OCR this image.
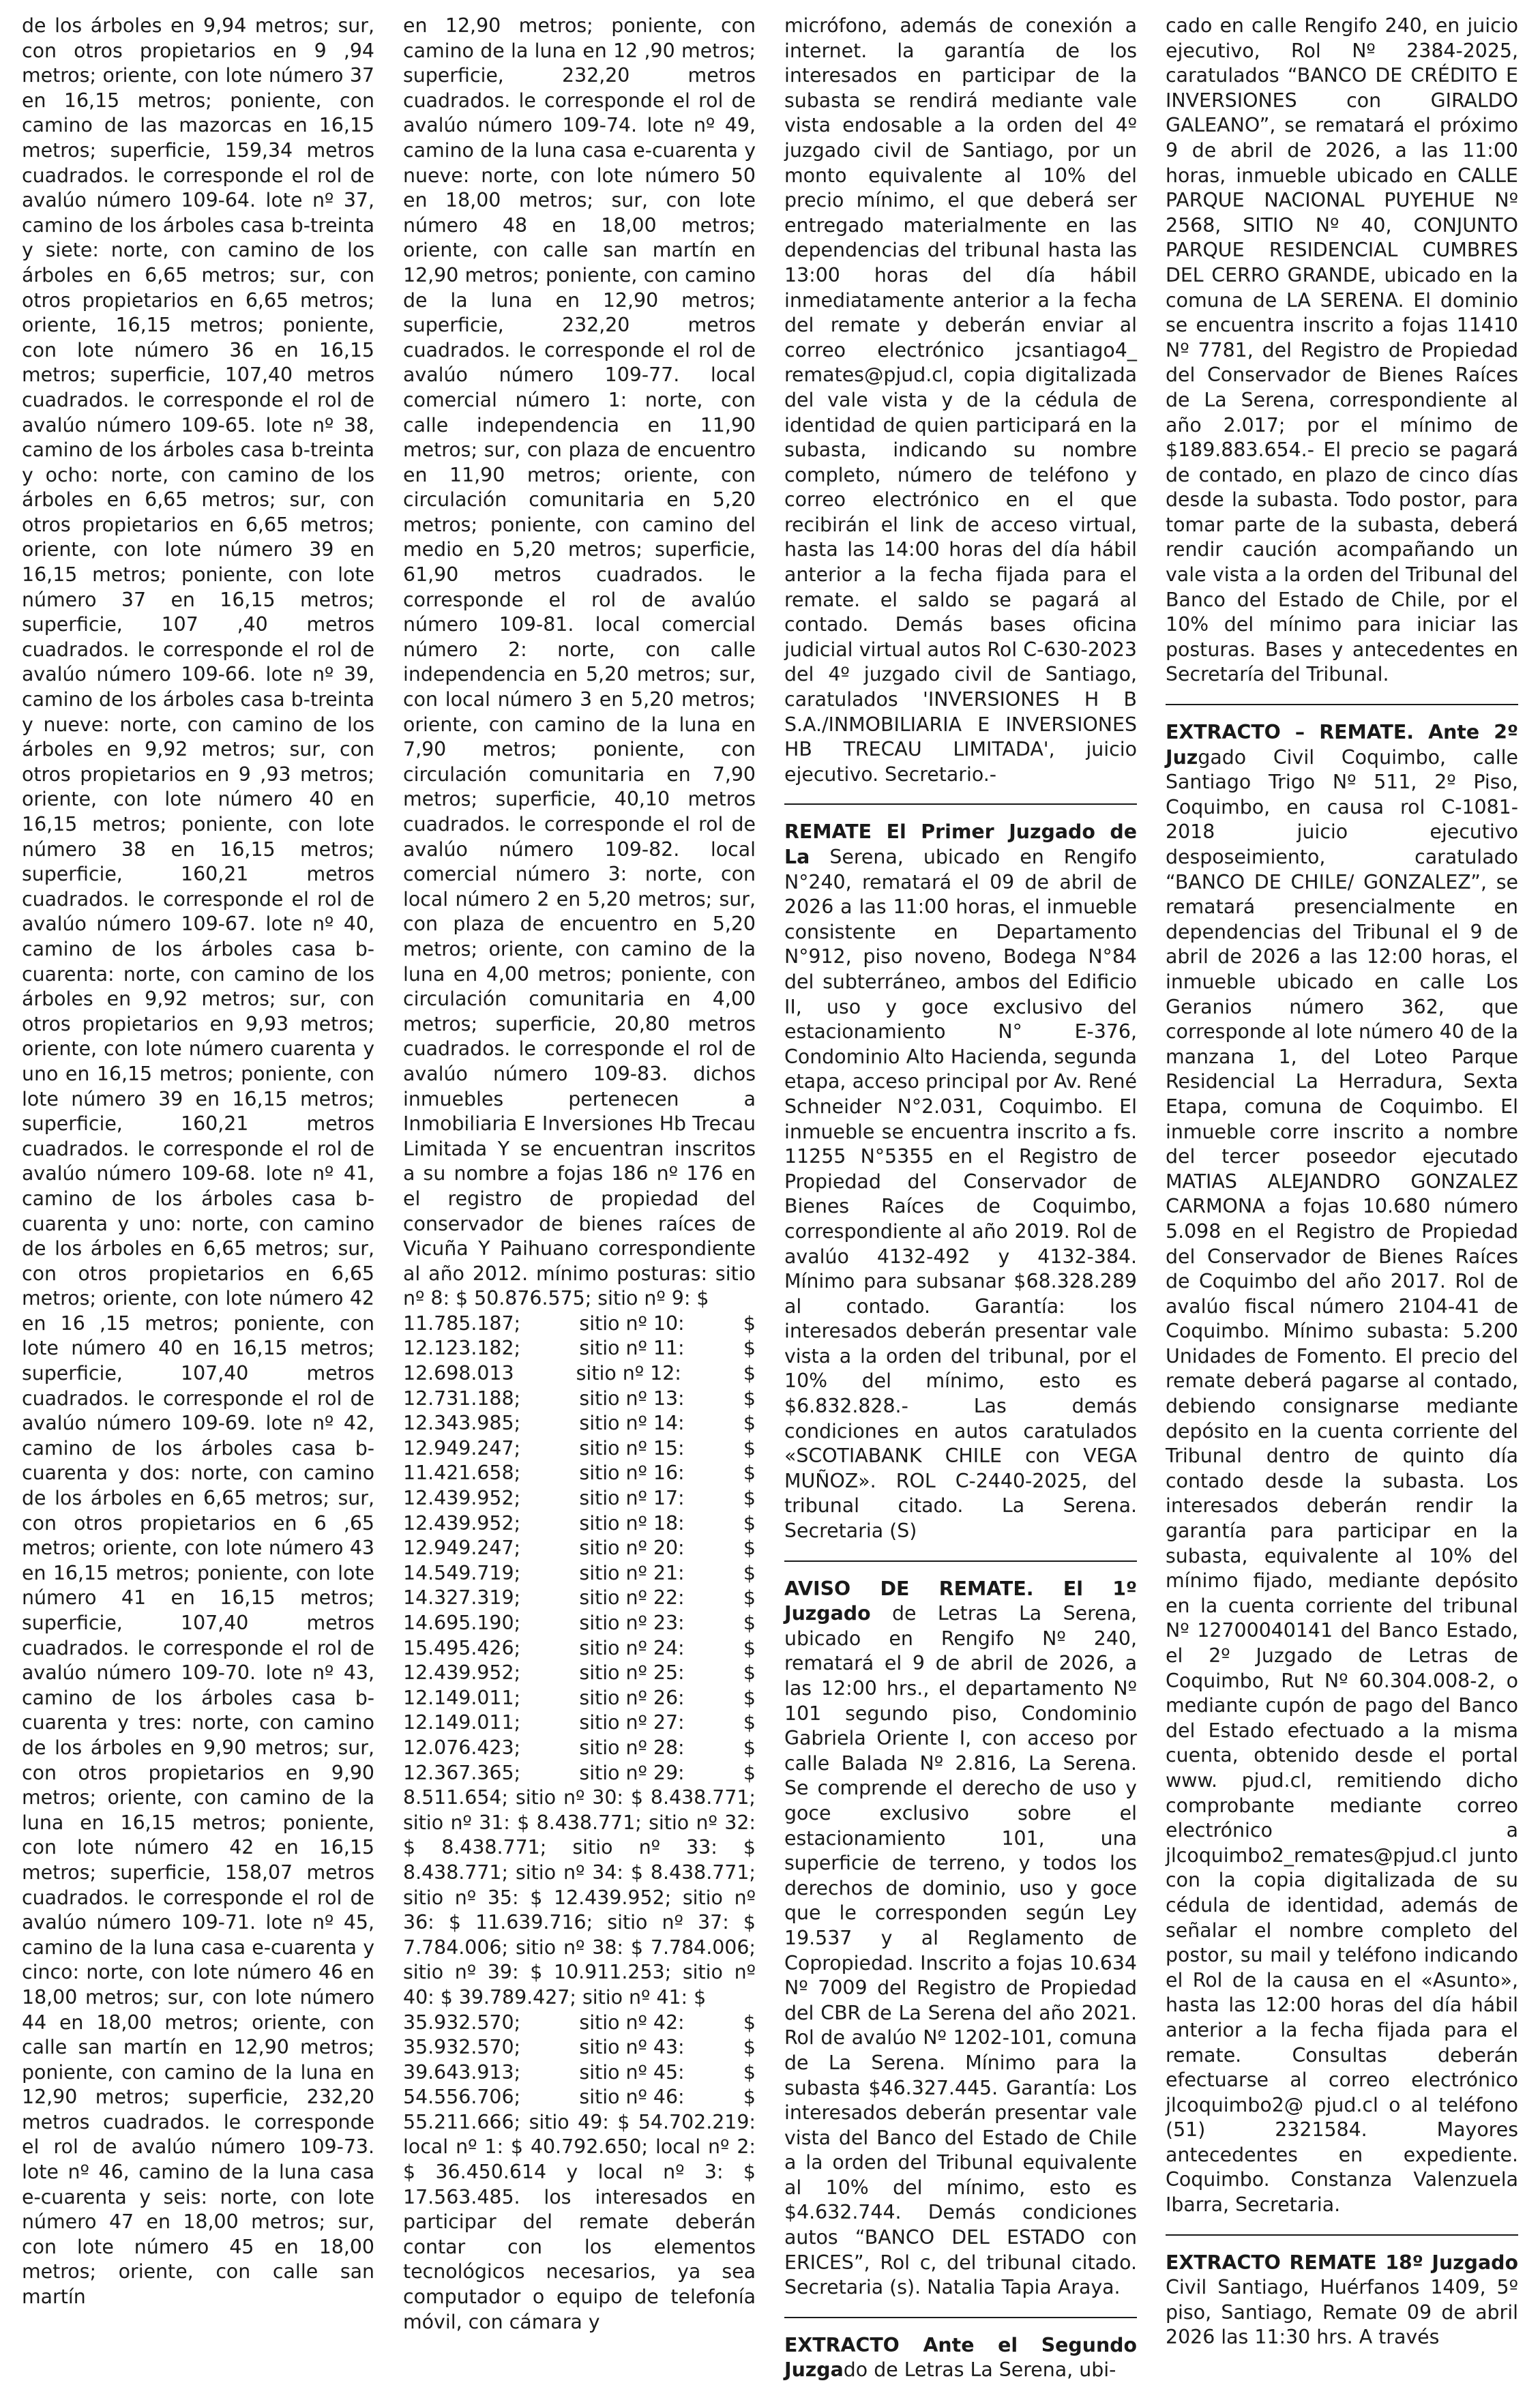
de los árboles en 9,94 metros; sur, con otros propietarios en 9 ,94 metros; oriente, con lote número 37 en 16,15 metros; poniente, con camino de las mazorcas en 16,15 metros; superficie, 159,34 metros cuadrados. le corresponde el rol de avalúo número 109-64. lote nº 37, camino de los árboles casa b-treinta y siete: norte, con camino de los árboles en 6,65 metros; sur, con otros propietarios en 6,65 metros; oriente, 16,15 metros; poniente, con lote número 36 en 16,15 metros; superficie, 107,40 metros cuadrados. le corresponde el rol de avalúo número 109-65. lote nº 38, camino de los árboles casa b-treinta y ocho: norte, con camino de los árboles en 6,65 metros; sur, con otros propietarios en 6,65 metros; oriente, con lote número 39 en 16,15 metros; poniente, con lote número 37 en 16,15 metros; superficie, 107 ,40 metros cuadrados. le corresponde el rol de avalúo número 109-66. lote nº 39, camino de los árboles casa b-treinta y nueve: norte, con camino de los árboles en 9,92 metros; sur, con otros propietarios en 9 ,93 metros; oriente, con lote número 40 en 16,15 metros; poniente, con lote número 38 en 16,15 metros; superficie, 160,21 metros cuadrados. le corresponde el rol de avalúo número 109-67. lote nº 40, camino de los árboles casa b-cuarenta: norte, con camino de los árboles en 9,92 metros; sur, con otros propietarios en 9,93 metros; oriente, con lote número cuarenta y uno en 16,15 metros; poniente, con lote número 39 en 16,15 metros; superficie, 160,21 metros cuadrados. le corresponde el rol de avalúo número 109-68. lote nº 41, camino de los árboles casa b-cuarenta y uno: norte, con camino de los árboles en 6,65 metros; sur, con otros propietarios en 6,65 metros; oriente, con lote número 42 en 16 ,15 metros; poniente, con lote número 40 en 16,15 metros; superficie, 107,40 metros cuadrados. le corresponde el rol de avalúo número 109-69. lote nº 42, camino de los árboles casa b-cuarenta y dos: norte, con camino de los árboles en 6,65 metros; sur, con otros propietarios en 6 ,65 metros; oriente, con lote número 43 en 16,15 metros; poniente, con lote número 41 en 16,15 metros; superficie, 107,40 metros cuadrados. le corresponde el rol de avalúo número 109-70. lote nº 43, camino de los árboles casa b-cuarenta y tres: norte, con camino de los árboles en 9,90 metros; sur, con otros propietarios en 9,90 metros; oriente, con camino de la luna en 16,15 metros; poniente, con lote número 42 en 16,15 metros; superficie, 158,07 metros cuadrados. le corresponde el rol de avalúo número 109-71. lote nº 45, camino de la luna casa e-cuarenta y cinco: norte, con lote número 46 en 18,00 metros; sur, con lote número 44 en 18,00 metros; oriente, con calle san martín en 12,90 metros; poniente, con camino de la luna en 12,90 metros; superficie, 232,20 metros cuadrados. le corresponde el rol de avalúo número 109-73. lote nº 46, camino de la luna casa e-cuarenta y seis: norte, con lote número 47 en 18,00 metros; sur, con lote número 45 en 18,00 metros; oriente, con calle san martín

en 12,90 metros; poniente, con camino de la luna en 12 ,90 metros; superficie, 232,20 metros cuadrados. le corresponde el rol de avalúo número 109-74. lote nº 49, camino de la luna casa e-cuarenta y nueve: norte, con lote número 50 en 18,00 metros; sur, con lote número 48 en 18,00 metros; oriente, con calle san martín en 12,90 metros; poniente, con camino de la luna en 12,90 metros; superficie, 232,20 metros cuadrados. le corresponde el rol de avalúo número 109-77. local comercial número 1: norte, con calle independencia en 11,90 metros; sur, con plaza de encuentro en 11,90 metros; oriente, con circulación comunitaria en 5,20 metros; poniente, con camino del medio en 5,20 metros; superficie, 61,90 metros cuadrados. le corresponde el rol de avalúo número 109-81. local comercial número 2: norte, con calle independencia en 5,20 metros; sur, con local número 3 en 5,20 metros; oriente, con camino de la luna en 7,90 metros; poniente, con circulación comunitaria en 7,90 metros; superficie, 40,10 metros cuadrados. le corresponde el rol de avalúo número 109-82. local comercial número 3: norte, con local número 2 en 5,20 metros; sur, con plaza de encuentro en 5,20 metros; oriente, con camino de la luna en 4,00 metros; poniente, con circulación comunitaria en 4,00 metros; superficie, 20,80 metros cuadrados. le corresponde el rol de avalúo número 109-83. dichos inmuebles pertenecen a Inmobiliaria E Inversiones Hb Trecau Limitada Y se encuentran inscritos a su nombre a fojas 186 nº 176 en el registro de propiedad del conservador de bienes raíces de Vicuña Y Paihuano correspondiente al año 2012. mínimo posturas: sitio nº 8: $ 50.876.575; sitio nº 9: $

11.785.187;	sitio nº 10:	$
12.123.182;	sitio nº 11:	$
12.698.013	sitio nº 12:	$
12.731.188;	sitio nº 13:	$
12.343.985;	sitio nº 14:	$
12.949.247;	sitio nº 15:	$
11.421.658;	sitio nº 16:	$
12.439.952;	sitio nº 17:	$
12.439.952;	sitio nº 18:	$
12.949.247;	sitio nº 20:	$
14.549.719;	sitio nº 21:	$
14.327.319;	sitio nº 22:	$
14.695.190;	sitio nº 23:	$
15.495.426;	sitio nº 24:	$
12.439.952;	sitio nº 25:	$
12.149.011;	sitio nº 26:	$
12.149.011;	sitio nº 27:	$
12.076.423;	sitio nº 28:	$
12.367.365;	sitio nº 29:	$

8.511.654; sitio nº 30: $ 8.438.771; sitio nº 31: $ 8.438.771; sitio nº 32: $ 8.438.771; sitio nº 33: $ 8.438.771; sitio nº 34: $ 8.438.771; sitio nº 35: $ 12.439.952; sitio nº 36: $ 11.639.716; sitio nº 37: $ 7.784.006; sitio nº 38: $ 7.784.006; sitio nº 39: $ 10.911.253; sitio nº 40: $ 39.789.427; sitio nº 41: $

35.932.570;	sitio nº 42:	$
35.932.570;	sitio nº 43:	$
39.643.913;	sitio nº 45:	$
54.556.706;	sitio nº 46:	$

55.211.666; sitio 49: $ 54.702.219: local nº 1: $ 40.792.650; local nº 2: $ 36.450.614 y local nº 3: $ 17.563.485. los interesados en participar del remate deberán contar con los elementos tecnológicos necesarios, ya sea computador o equipo de telefonía móvil, con cámara y

micrófono, además de conexión a internet. la garantía de los interesados en participar de la subasta se rendirá mediante vale vista endosable a la orden del 4º juzgado civil de Santiago, por un monto equivalente al 10% del precio mínimo, el que deberá ser entregado materialmente en las dependencias del tribunal hasta las 13:00 horas del día hábil inmediatamente anterior a la fecha del remate y deberán enviar al correo electrónico jcsantiago4_ remates@pjud.cl, copia digitalizada del vale vista y de la cédula de identidad de quien participará en la subasta, indicando su nombre completo, número de teléfono y correo electrónico en el que recibirán el link de acceso virtual, hasta las 14:00 horas del día hábil anterior a la fecha fijada para el remate. el saldo se pagará al contado. Demás bases oficina judicial virtual autos Rol C-630-2023 del 4º juzgado civil de Santiago, caratulados 'INVERSIONES H B S.A./INMOBILIARIA E INVERSIONES HB TRECAU LIMITADA', juicio ejecutivo. Secretario.-

REMATE El Primer Juzgado de La Serena, ubicado en Rengifo N°240, rematará el 09 de abril de 2026 a las 11:00 horas, el inmueble consistente en Departamento N°912, piso noveno, Bodega N°84 del subterráneo, ambos del Edificio II, uso y goce exclusivo del estacionamiento N° E-376, Condominio Alto Hacienda, segunda etapa, acceso principal por Av. René Schneider N°2.031, Coquimbo. El inmueble se encuentra inscrito a fs. 11255 N°5355 en el Registro de Propiedad del Conservador de Bienes Raíces de Coquimbo, correspondiente al año 2019. Rol de avalúo 4132-492 y 4132-384. Mínimo para subsanar $68.328.289 al contado. Garantía: los interesados deberán presentar vale vista a la orden del tribunal, por el 10% del mínimo, esto es $6.832.828.- Las demás condiciones en autos caratulados «SCOTIABANK CHILE con VEGA MUÑOZ». ROL C-2440-2025, del tribunal citado. La Serena. Secretaria (S)

AVISO DE REMATE. El 1º Juzgado de Letras La Serena, ubicado en Rengifo Nº 240, rematará el 9 de abril de 2026, a las 12:00 hrs., el departamento Nº 101 segundo piso, Condominio Gabriela Oriente I, con acceso por calle Balada Nº 2.816, La Serena. Se comprende el derecho de uso y goce exclusivo sobre el estacionamiento 101, una superficie de terreno, y todos los derechos de dominio, uso y goce que le corresponden según Ley 19.537 y al Reglamento de Copropiedad. Inscrito a fojas 10.634 Nº 7009 del Registro de Propiedad del CBR de La Serena del año 2021. Rol de avalúo Nº 1202-101, comuna de La Serena. Mínimo para la subasta $46.327.445. Garantía: Los interesados deberán presentar vale vista del Banco del Estado de Chile a la orden del Tribunal equivalente al 10% del mínimo, esto es $4.632.744. Demás condiciones autos “BANCO DEL ESTADO con ERICES”, Rol c, del tribunal citado. Secretaria (s). Natalia Tapia Araya.

EXTRACTO Ante el Segundo Juzgado de Letras La Serena, ubi-

cado en calle Rengifo 240, en juicio ejecutivo, Rol Nº 2384-2025, caratulados “BANCO DE CRÉDITO E INVERSIONES con GIRALDO GALEANO”, se rematará el próximo 9 de abril de 2026, a las 11:00 horas, inmueble ubicado en CALLE PARQUE NACIONAL PUYEHUE Nº 2568, SITIO Nº 40, CONJUNTO PARQUE RESIDENCIAL CUMBRES DEL CERRO GRANDE, ubicado en la comuna de LA SERENA. El dominio se encuentra inscrito a fojas 11410 Nº 7781, del Registro de Propiedad del Conservador de Bienes Raíces de La Serena, correspondiente al año 2.017; por el mínimo de $189.883.654.- El precio se pagará de contado, en plazo de cinco días desde la subasta. Todo postor, para tomar parte de la subasta, deberá rendir caución acompañando un vale vista a la orden del Tribunal del Banco del Estado de Chile, por el 10% del mínimo para iniciar las posturas. Bases y antecedentes en Secretaría del Tribunal.

EXTRACTO – REMATE. Ante 2º Juzgado Civil Coquimbo, calle Santiago Trigo Nº 511, 2º Piso, Coquimbo, en causa rol C-1081-2018 juicio ejecutivo desposeimiento, caratulado “BANCO DE CHILE/ GONZALEZ”, se rematará presencialmente en dependencias del Tribunal el 9 de abril de 2026 a las 12:00 horas, el inmueble ubicado en calle Los Geranios número 362, que corresponde al lote número 40 de la manzana 1, del Loteo Parque Residencial La Herradura, Sexta Etapa, comuna de Coquimbo. El inmueble corre inscrito a nombre del tercer poseedor ejecutado MATIAS ALEJANDRO GONZALEZ CARMONA a fojas 10.680 número 5.098 en el Registro de Propiedad del Conservador de Bienes Raíces de Coquimbo del año 2017. Rol de avalúo fiscal número 2104-41 de Coquimbo. Mínimo subasta: 5.200 Unidades de Fomento. El precio del remate deberá pagarse al contado, debiendo consignarse mediante depósito en la cuenta corriente del Tribunal dentro de quinto día contado desde la subasta. Los interesados deberán rendir la garantía para participar en la subasta, equivalente al 10% del mínimo fijado, mediante depósito en la cuenta corriente del tribunal Nº 12700040141 del Banco Estado, el 2º Juzgado de Letras de Coquimbo, Rut Nº 60.304.008-2, o mediante cupón de pago del Banco del Estado efectuado a la misma cuenta, obtenido desde el portal www. pjud.cl, remitiendo dicho comprobante mediante correo electrónico a jlcoquimbo2_remates@pjud.cl junto con la copia digitalizada de su cédula de identidad, además de señalar el nombre completo del postor, su mail y teléfono indicando el Rol de la causa en el «Asunto», hasta las 12:00 horas del día hábil anterior a la fecha fijada para el remate. Consultas deberán efectuarse al correo electrónico jlcoquimbo2@ pjud.cl o al teléfono (51) 2321584. Mayores antecedentes en expediente. Coquimbo. Constanza Valenzuela Ibarra, Secretaria.

EXTRACTO REMATE 18º Juzgado Civil Santiago, Huérfanos 1409, 5º piso, Santiago, Remate 09 de abril 2026 las 11:30 hrs. A través
